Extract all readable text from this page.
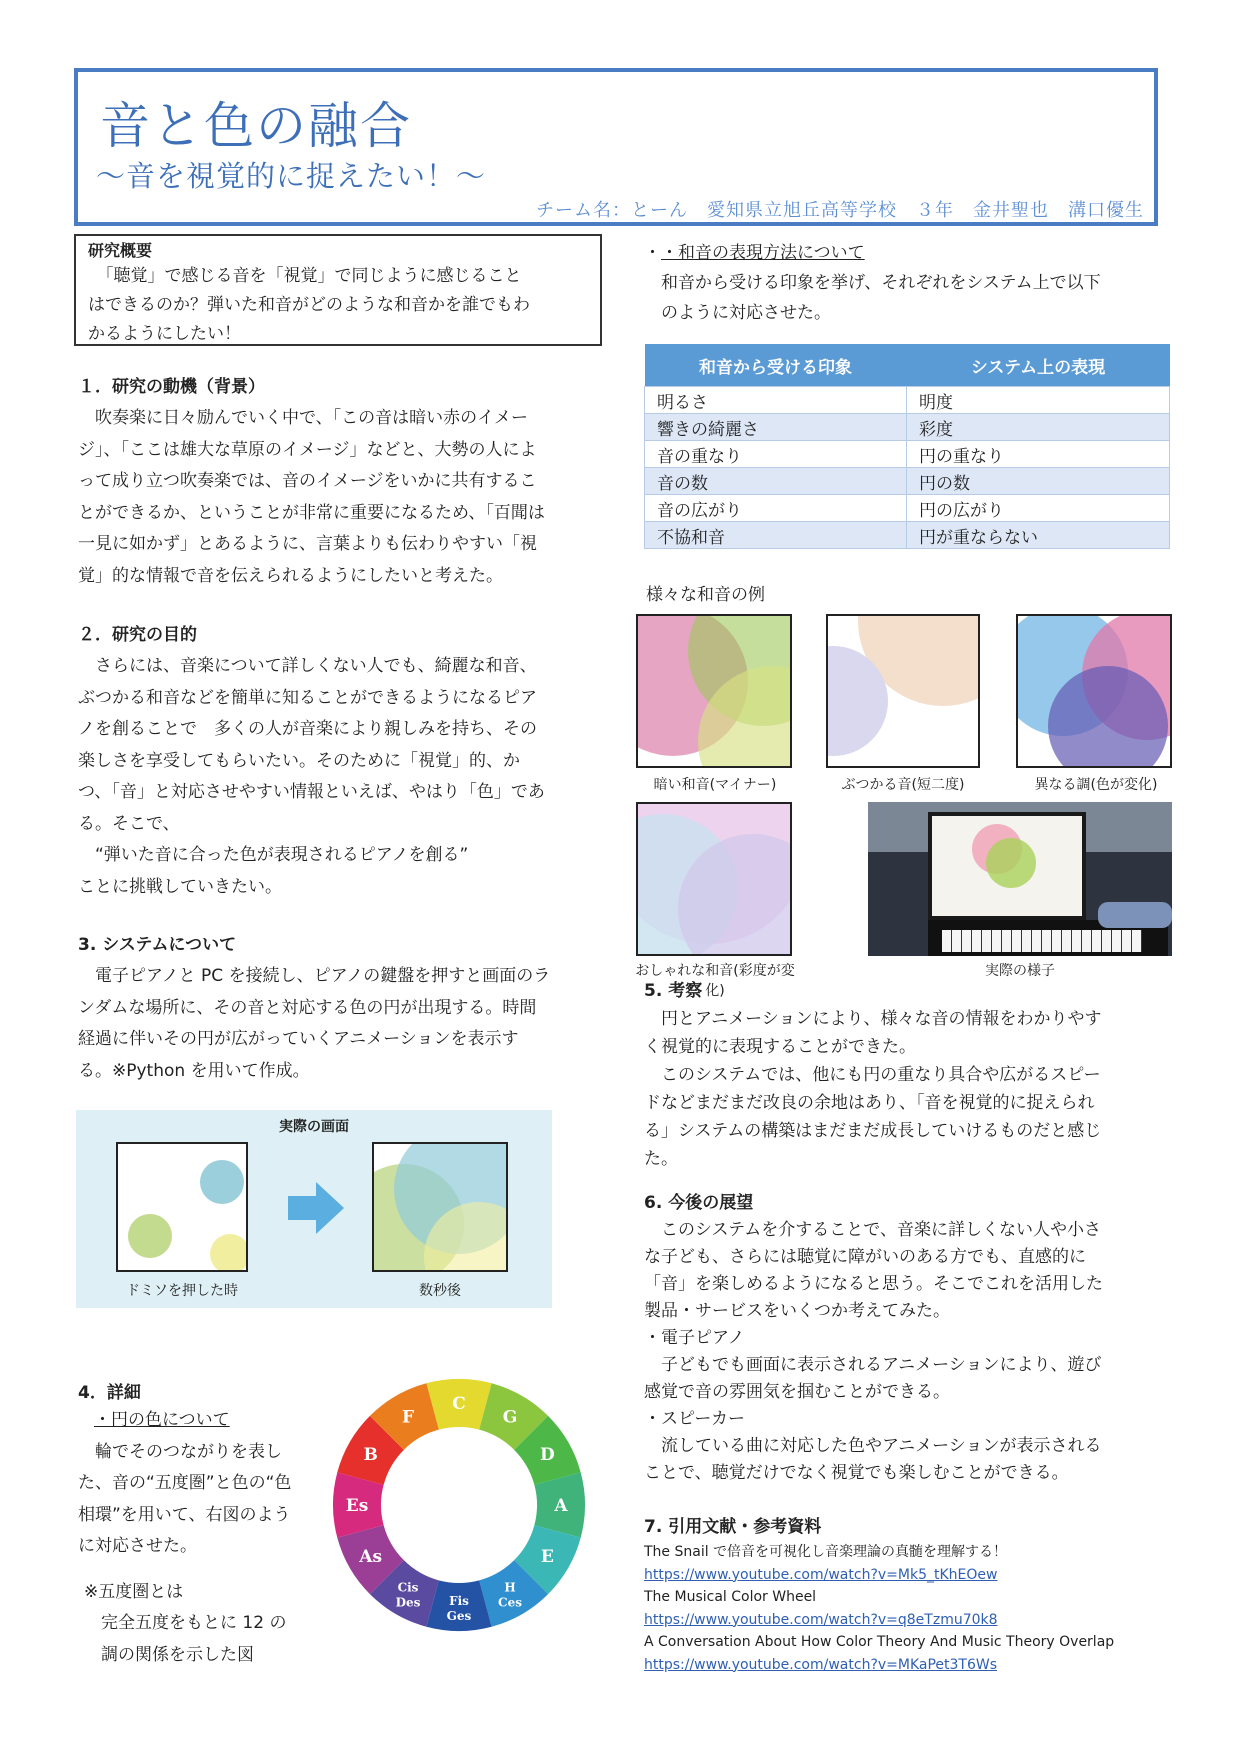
音と色の融合
～音を視覚的に捉えたい！～
チーム名：とーん　愛知県立旭丘高等学校　３年　金井聖也　溝口優生
研究概要
　「聴覚」で感じる音を「視覚」で同じように感じること
はできるのか？弾いた和音がどのような和音かを誰でもわ
かるようにしたい！
１．研究の動機（背景）
　吹奏楽に日々励んでいく中で、「この音は暗い赤のイメー
ジ」、「ここは雄大な草原のイメージ」などと、大勢の人によ
って成り立つ吹奏楽では、音のイメージをいかに共有するこ
とができるか、ということが非常に重要になるため、「百聞は
一見に如かず」とあるように、言葉よりも伝わりやすい「視
覚」的な情報で音を伝えられるようにしたいと考えた。
２．研究の目的
　さらには、音楽について詳しくない人でも、綺麗な和音、
ぶつかる和音などを簡単に知ることができるようになるピア
ノを創ることで　多くの人が音楽により親しみを持ち、その
楽しさを享受してもらいたい。そのために「視覚」的、か
つ、「音」と対応させやすい情報といえば、やはり「色」であ
る。そこで、
　“弾いた音に合った色が表現されるピアノを創る”
ことに挑戦していきたい。
3. システムについて
　電子ピアノと PC を接続し、ピアノの鍵盤を押すと画面のラ
ンダムな場所に、その音と対応する色の円が出現する。時間
経過に伴いその円が広がっていくアニメーションを表示す
る。※Python を用いて作成。
実際の画面
ドミソを押した時	数秒後
4．詳細
・円の色について
　輪でそのつながりを表し
た、音の“五度圏”と色の“色
相環”を用いて、右図のよう
に対応させた。
※五度圏とは
　完全五度をもとに 12 の
　調の関係を示した図
C
G
D
A
E
H Ces
Fis Ges
Cis Des
As
Es
B
F
・・和音の表現方法について
　和音から受ける印象を挙げ、それぞれをシステム上で以下
　のように対応させた。
和音から受ける印象	システム上の表現
明るさ	明度
響きの綺麗さ	彩度
音の重なり	円の重なり
音の数	円の数
音の広がり	円の広がり
不協和音	円が重ならない
様々な和音の例
暗い和音(マイナー)	ぶつかる音(短二度)	異なる調(色が変化)
おしゃれな和音(彩度が変化)
実際の様子
5. 考察
　円とアニメーションにより、様々な音の情報をわかりやす
く視覚的に表現することができた。
　このシステムでは、他にも円の重なり具合や広がるスピー
ドなどまだまだ改良の余地はあり、「音を視覚的に捉えられ
る」システムの構築はまだまだ成長していけるものだと感じ
た。
6. 今後の展望
　このシステムを介することで、音楽に詳しくない人や小さ
な子ども、さらには聴覚に障がいのある方でも、直感的に
「音」を楽しめるようになると思う。そこでこれを活用した
製品・サービスをいくつか考えてみた。
・電子ピアノ
　子どもでも画面に表示されるアニメーションにより、遊び
感覚で音の雰囲気を掴むことができる。
・スピーカー
　流している曲に対応した色やアニメーションが表示される
ことで、聴覚だけでなく視覚でも楽しむことができる。
7. 引用文献・参考資料
The Snail で倍音を可視化し音楽理論の真髄を理解する！
https://www.youtube.com/watch?v=Mk5_tKhEOew
The Musical Color Wheel
https://www.youtube.com/watch?v=q8eTzmu70k8
A Conversation About How Color Theory And Music Theory Overlap
https://www.youtube.com/watch?v=MKaPet3T6Ws
